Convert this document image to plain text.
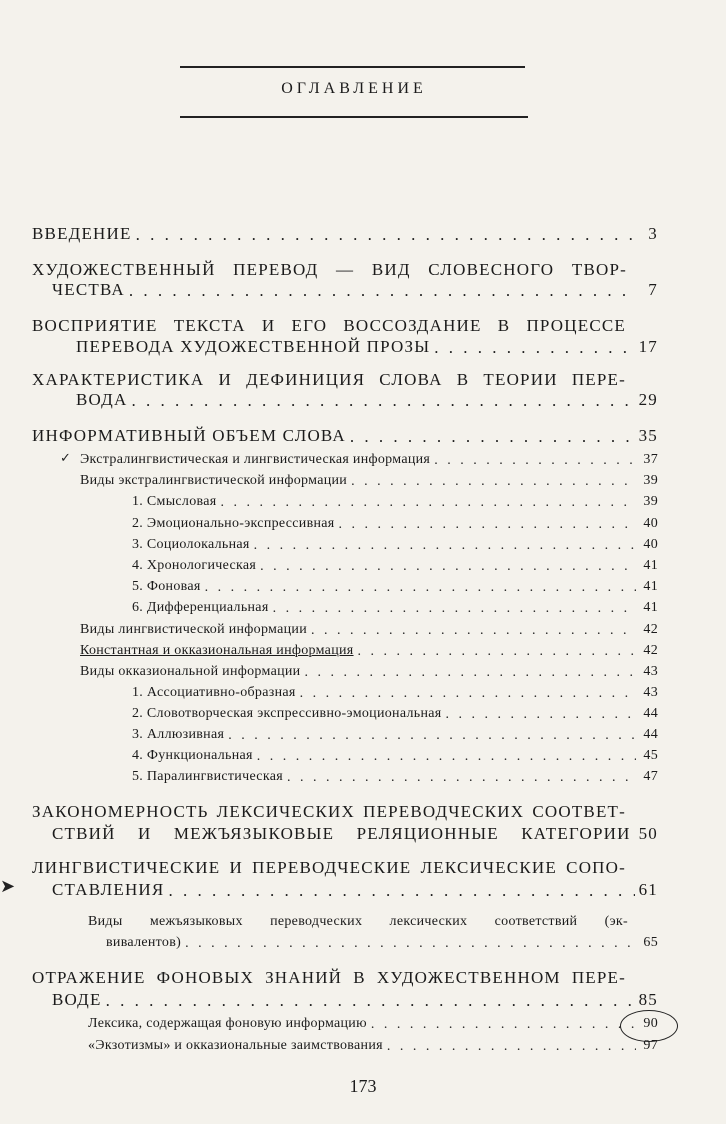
ОГЛАВЛЕНИЕ
ВВЕДЕНИЕ . . .	3
ХУДОЖЕСТВЕННЫЙ ПЕРЕВОД — ВИД СЛОВЕСНОГО ТВОР-
ЧЕСТВА . . .	7
ВОСПРИЯТИЕ ТЕКСТА И ЕГО ВОССОЗДАНИЕ В ПРОЦЕССЕ
ПЕРЕВОДА ХУДОЖЕСТВЕННОЙ ПРОЗЫ . . .	17
ХАРАКТЕРИСТИКА И ДЕФИНИЦИЯ СЛОВА В ТЕОРИИ ПЕРЕ-
ВОДА . . .	29
ИНФОРМАТИВНЫЙ ОБЪЕМ СЛОВА . . .	35
Экстралингвистическая и лингвистическая информация . . .	37
✓
Виды экстралингвистической информации . . .	39
1. Смысловая . . .	39
2. Эмоционально-экспрессивная . . .	40
3. Социолокальная . . .	40
4. Хронологическая . . .	41
5. Фоновая . . .	41
6. Дифференциальная . . .	41
Виды лингвистической информации . . .	42
Константная и окказиональная информация . . .	42
Виды окказиональной информации . . .	43
1. Ассоциативно-образная . . .	43
2. Словотворческая экспрессивно-эмоциональная . . .	44
3. Аллюзивная . . .	44
4. Функциональная . . .	45
5. Паралингвистическая . . .	47
ЗАКОНОМЕРНОСТЬ ЛЕКСИЧЕСКИХ ПЕРЕВОДЧЕСКИХ СООТВЕТ-
СТВИЙ И МЕЖЪЯЗЫКОВЫЕ РЕЛЯЦИОННЫЕ КАТЕГОРИИ 50
ЛИНГВИСТИЧЕСКИЕ И ПЕРЕВОДЧЕСКИЕ ЛЕКСИЧЕСКИЕ СОПО-
СТАВЛЕНИЯ . . .	61
➤
Виды межъязыковых переводческих лексических соответствий (эк-
вивалентов) . . .	65
ОТРАЖЕНИЕ ФОНОВЫХ ЗНАНИЙ В ХУДОЖЕСТВЕННОМ ПЕРЕ-
ВОДЕ . . .	85
Лексика, содержащая фоновую информацию . . .	90
«Экзотизмы» и окказиональные заимствования . . .	97
173
